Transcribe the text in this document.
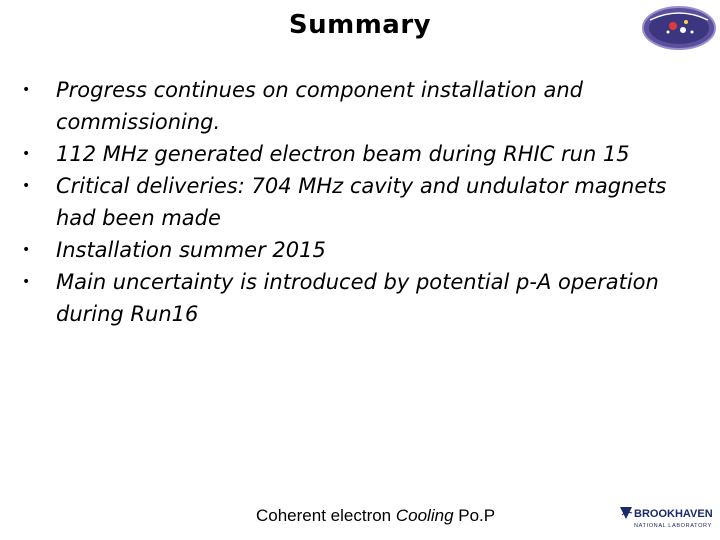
Summary
• Progress continues on component installation and commissioning.
• 112 MHz generated electron beam during RHIC run 15
• Critical deliveries: 704 MHz cavity and undulator magnets had been made
• Installation summer 2015
• Main uncertainty is introduced by potential p-A operation during Run16
Coherent electron Cooling Po.P	BROOKHAVEN
NATIONAL LABORATORY
